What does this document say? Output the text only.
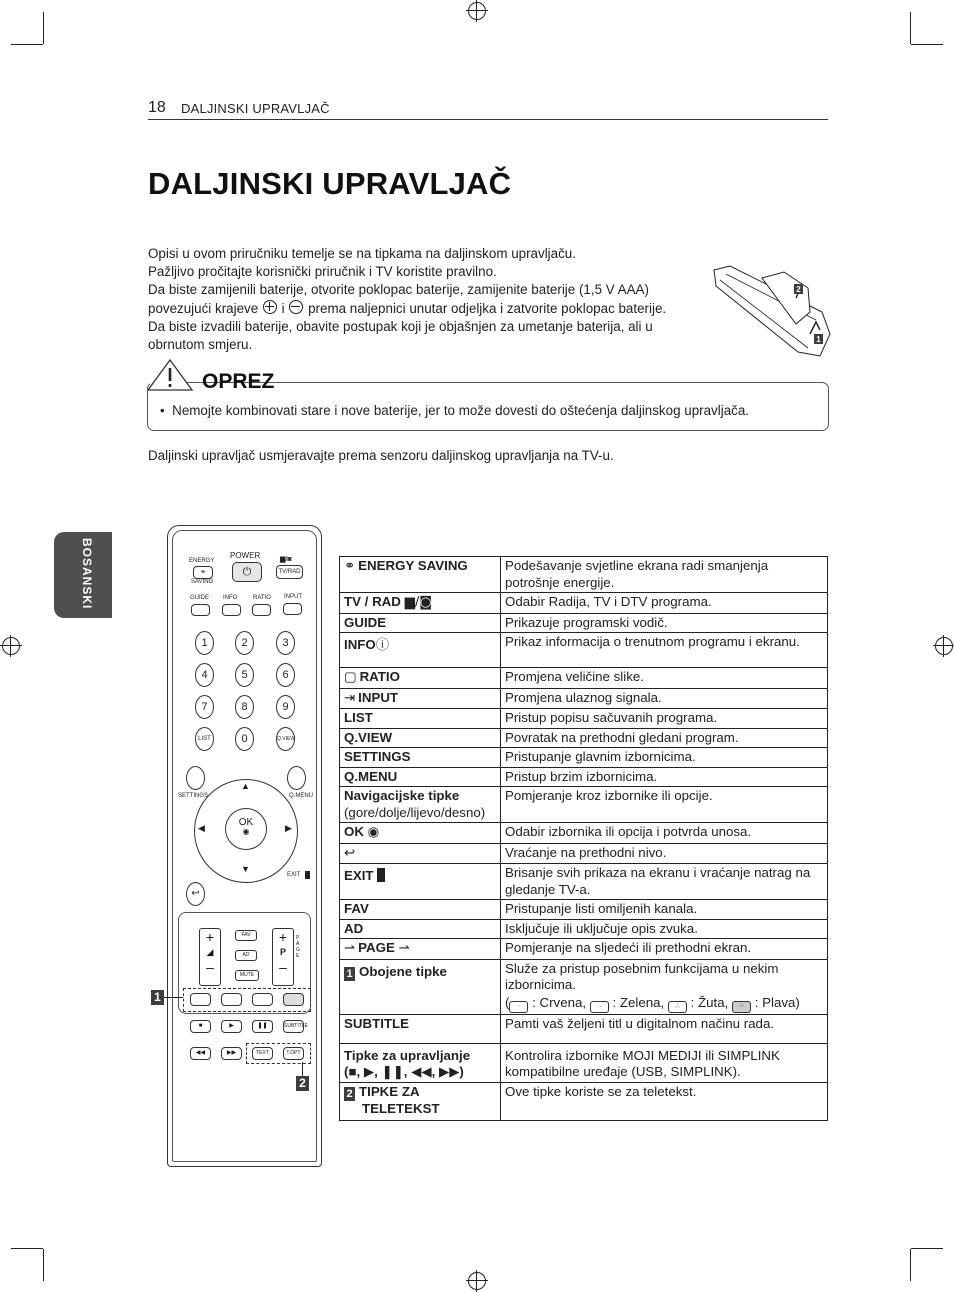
18 DALJINSKI UPRAVLJAČ
DALJINSKI UPRAVLJAČ

Opisi u ovom priručniku temelje se na tipkama na daljinskom upravljaču.

Pažljivo pročitajte korisnički priručnik i TV koristite pravilno.

Da biste zamijenili baterije, otvorite poklopac baterije, zamijenite baterije (1,5 V AAA)

povezujući krajeve i prema naljepnici unutar odjeljka i zatvorite poklopac baterije.

Da biste izvadili baterije, obavite postupak koji je objašnjen za umetanje baterija, ali u

obrnutom smjeru.

2
1
OPREZ
• Nemojte kombinovati stare i nove baterije, jer to može dovesti do oštećenja daljinskog upravljača.
Daljinski upravljač usmjeravajte prema senzoru daljinskog upravljanja na TV-u.
BOSANSKI	ENERGY
⚭
SAVING
POWER
⏻
▆/◙
TV/RAD
GUIDE INFO	RATIO INPUT
1	2	3
4	5	6
7	8	9
LIST	0	Q.VIEW
SETTINGS	Q.MENU
▲
▼
◀	▶
OK
◉
↩
EXIT
+
◢
–
+
P
–
PAGE
FAV
AD
MUTE
■	▶	❚❚	SUBTITLE
◀◀	▶▶	TEXT	T.OPT
1
2
⚭ ENERGY SAVING	Podešavanje svjetline ekrana radi smanjenja potrošnje energije.
TV / RAD ▆/◙	Odabir Radija, TV i DTV programa.
GUIDE	Prikazuje programski vodič.
INFOⓘ	Prikaz informacija o trenutnom programu i ekranu.
▢ RATIO	Promjena veličine slike.
⇥ INPUT	Promjena ulaznog signala.
LIST	Pristup popisu sačuvanih programa.
Q.VIEW	Povratak na prethodni gledani program.
SETTINGS	Pristupanje glavnim izbornicima.
Q.MENU	Pristup brzim izbornicima.

Navigacijske tipke
(gore/dolje/lijevo/desno)	Pomjeranje kroz izbornike ili opcije.
OK ◉	Odabir izbornika ili opcija i potvrda unosa.
↩	Vraćanje na prethodni nivo.
EXIT	Brisanje svih prikaza na ekranu i vraćanje natrag na gledanje TV-a.
FAV	Pristupanje listi omiljenih kanala.
AD	Isključuje ili uključuje opis zvuka.
⇀ PAGE ⇀	Pomjeranje na sljedeći ili prethodni ekran.
1 Obojene tipke	Služe za pristup posebnim funkcijama u nekim izbornicima.
( · : Crvena, ·· : Zelena, ∴ : Žuta, ⁘ : Plava)

SUBTITLE	Pamti vaš željeni titl u digitalnom načinu rada.

Tipke za upravljanje
(■, ▶, ❚❚, ◀◀, ▶▶)	Kontrolira izbornike MOJI MEDIJI ili SIMPLINK kompatibilne uređaje (USB, SIMPLINK).

2 TIPKE ZA
TELETEKST	Ove tipke koriste se za teletekst.
